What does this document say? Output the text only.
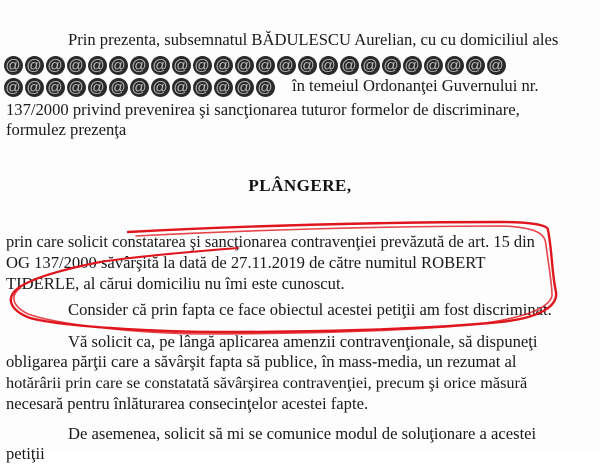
Prin prezenta, subsemnatul BĂDULESCU Aurelian, cu cu domiciliul ales
@ @ @ @ @ @ @ @ @ @ @ @ @ @ @ @ @ @ @ @ @ @ @ @
@ @ @ @ @ @ @ @ @ @ @ @ @ în temeiul Ordonanţei Guvernului nr.
137/2000 privind prevenirea şi sancţionarea tuturor formelor de discriminare,
formulez prezenţa
PLÂNGERE,
prin care solicit constatarea şi sancţionarea contravenţiei prevăzută de art. 15 din
OG 137/2000 săvârşită la dată de 27.11.2019 de către numitul ROBERT
TIDERLE, al cărui domiciliu nu îmi este cunoscut.
Consider că prin fapta ce face obiectul acestei petiţii am fost discriminat.
Vă solicit ca, pe lângă aplicarea amenzii contravenţionale, să dispuneţi
obligarea părţii care a săvârşit fapta să publice, în mass-media, un rezumat al
hotărârii prin care se constatată săvârşirea contravenţiei, precum şi orice măsură
necesară pentru înlăturarea consecinţelor acestei fapte.
De asemenea, solicit să mi se comunice modul de soluţionare a acestei
petiţii
